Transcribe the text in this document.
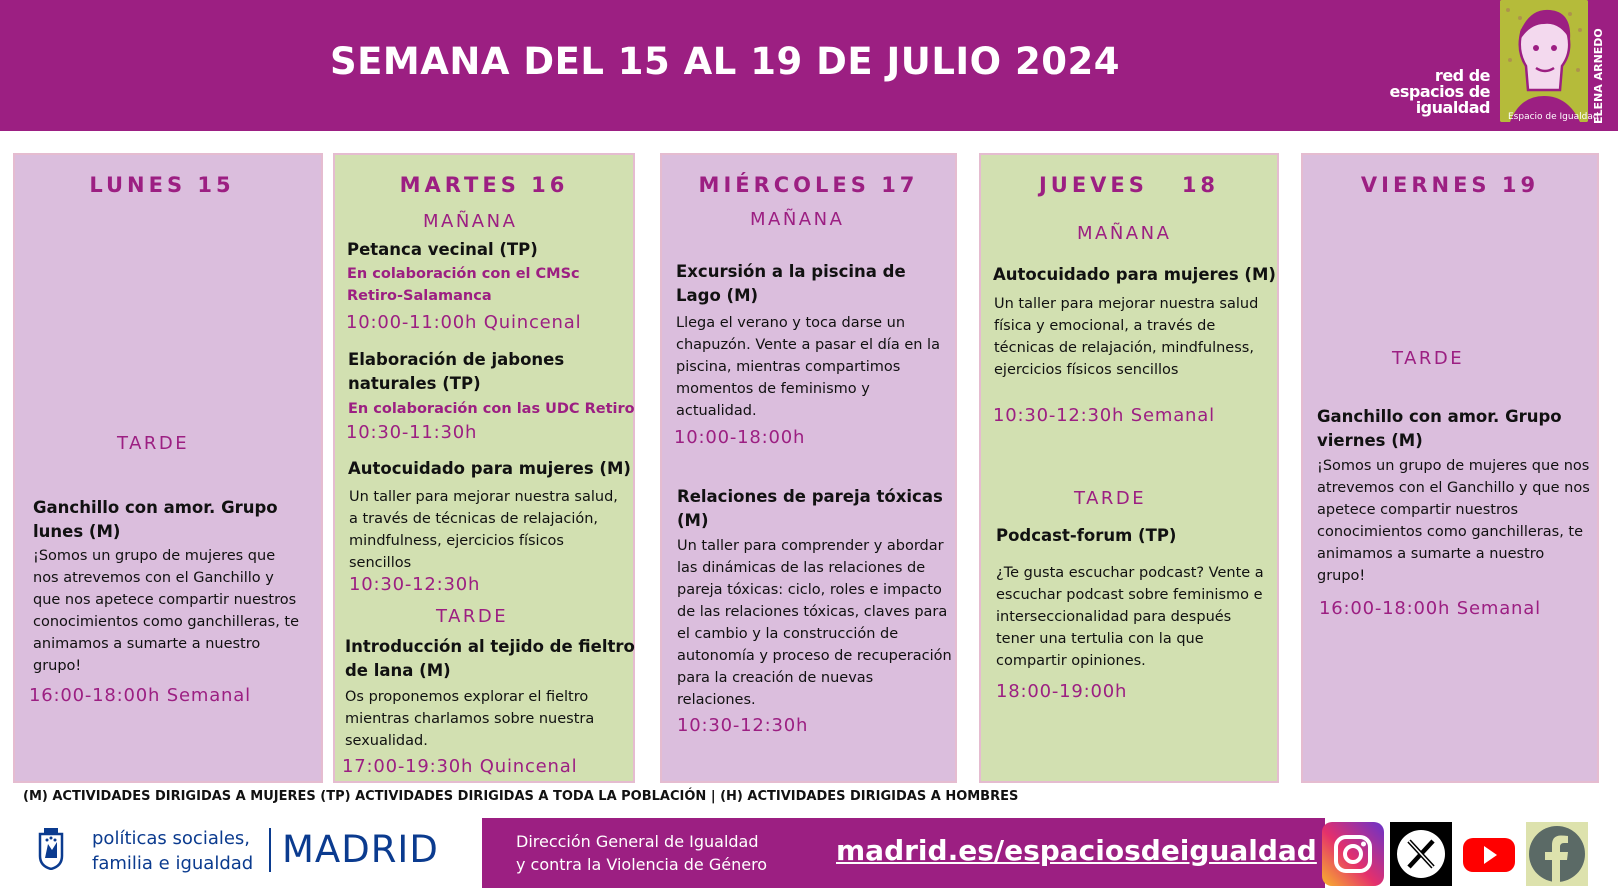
SEMANA DEL 15 AL 19 DE JULIO 2024	red de
espacios de
igualdad Espacio de Igualdad
ELENA ARNEDO
LUNES 15
TARDE
Ganchillo con amor. Grupo lunes (M)
¡Somos un grupo de mujeres que nos atrevemos con el Ganchillo y que nos apetece compartir nuestros conocimientos como ganchilleras, te animamos a sumarte a nuestro grupo!
16:00-18:00h Semanal
MARTES 16
MAÑANA
Petanca vecinal (TP)
En colaboración con el CMSc Retiro-Salamanca
10:00-11:00h Quincenal
Elaboración de jabones naturales (TP)
En colaboración con las UDC Retiro
10:30-11:30h
Autocuidado para mujeres (M)
Un taller para mejorar nuestra salud, a través de técnicas de relajación, mindfulness, ejercicios físicos sencillos
10:30-12:30h
TARDE
Introducción al tejido de fieltro de lana (M)
Os proponemos explorar el fieltro mientras charlamos sobre nuestra sexualidad.
17:00-19:30h Quincenal
MIÉRCOLES 17
MAÑANA
Excursión a la piscina de Lago (M)
Llega el verano y toca darse un chapuzón. Vente a pasar el día en la piscina, mientras compartimos momentos de feminismo y actualidad.
10:00-18:00h
Relaciones de pareja tóxicas (M)
Un taller para comprender y abordar las dinámicas de las relaciones de pareja tóxicas: ciclo, roles e impacto de las relaciones tóxicas, claves para el cambio y la construcción de autonomía y proceso de recuperación para la creación de nuevas relaciones.
10:30-12:30h
JUEVES   18
MAÑANA
Autocuidado para mujeres (M)
Un taller para mejorar nuestra salud física y emocional, a través de técnicas de relajación, mindfulness, ejercicios físicos sencillos
10:30-12:30h Semanal
TARDE
Podcast-forum (TP)
¿Te gusta escuchar podcast? Vente a escuchar podcast sobre feminismo e interseccionalidad para después tener una tertulia con la que compartir opiniones.
18:00-19:00h
VIERNES 19
TARDE
Ganchillo con amor. Grupo viernes (M)
¡Somos un grupo de mujeres que nos atrevemos con el Ganchillo y que nos apetece compartir nuestros conocimientos como ganchilleras, te animamos a sumarte a nuestro grupo!
16:00-18:00h Semanal
(M) ACTIVIDADES DIRIGIDAS A MUJERES (TP) ACTIVIDADES DIRIGIDAS A TODA LA POBLACIÓN | (H) ACTIVIDADES DIRIGIDAS A HOMBRES
políticas sociales,
familia e igualdad MADRID	Dirección General de Igualdad
y contra la Violencia de Género madrid.es/espaciosdeigualdad
